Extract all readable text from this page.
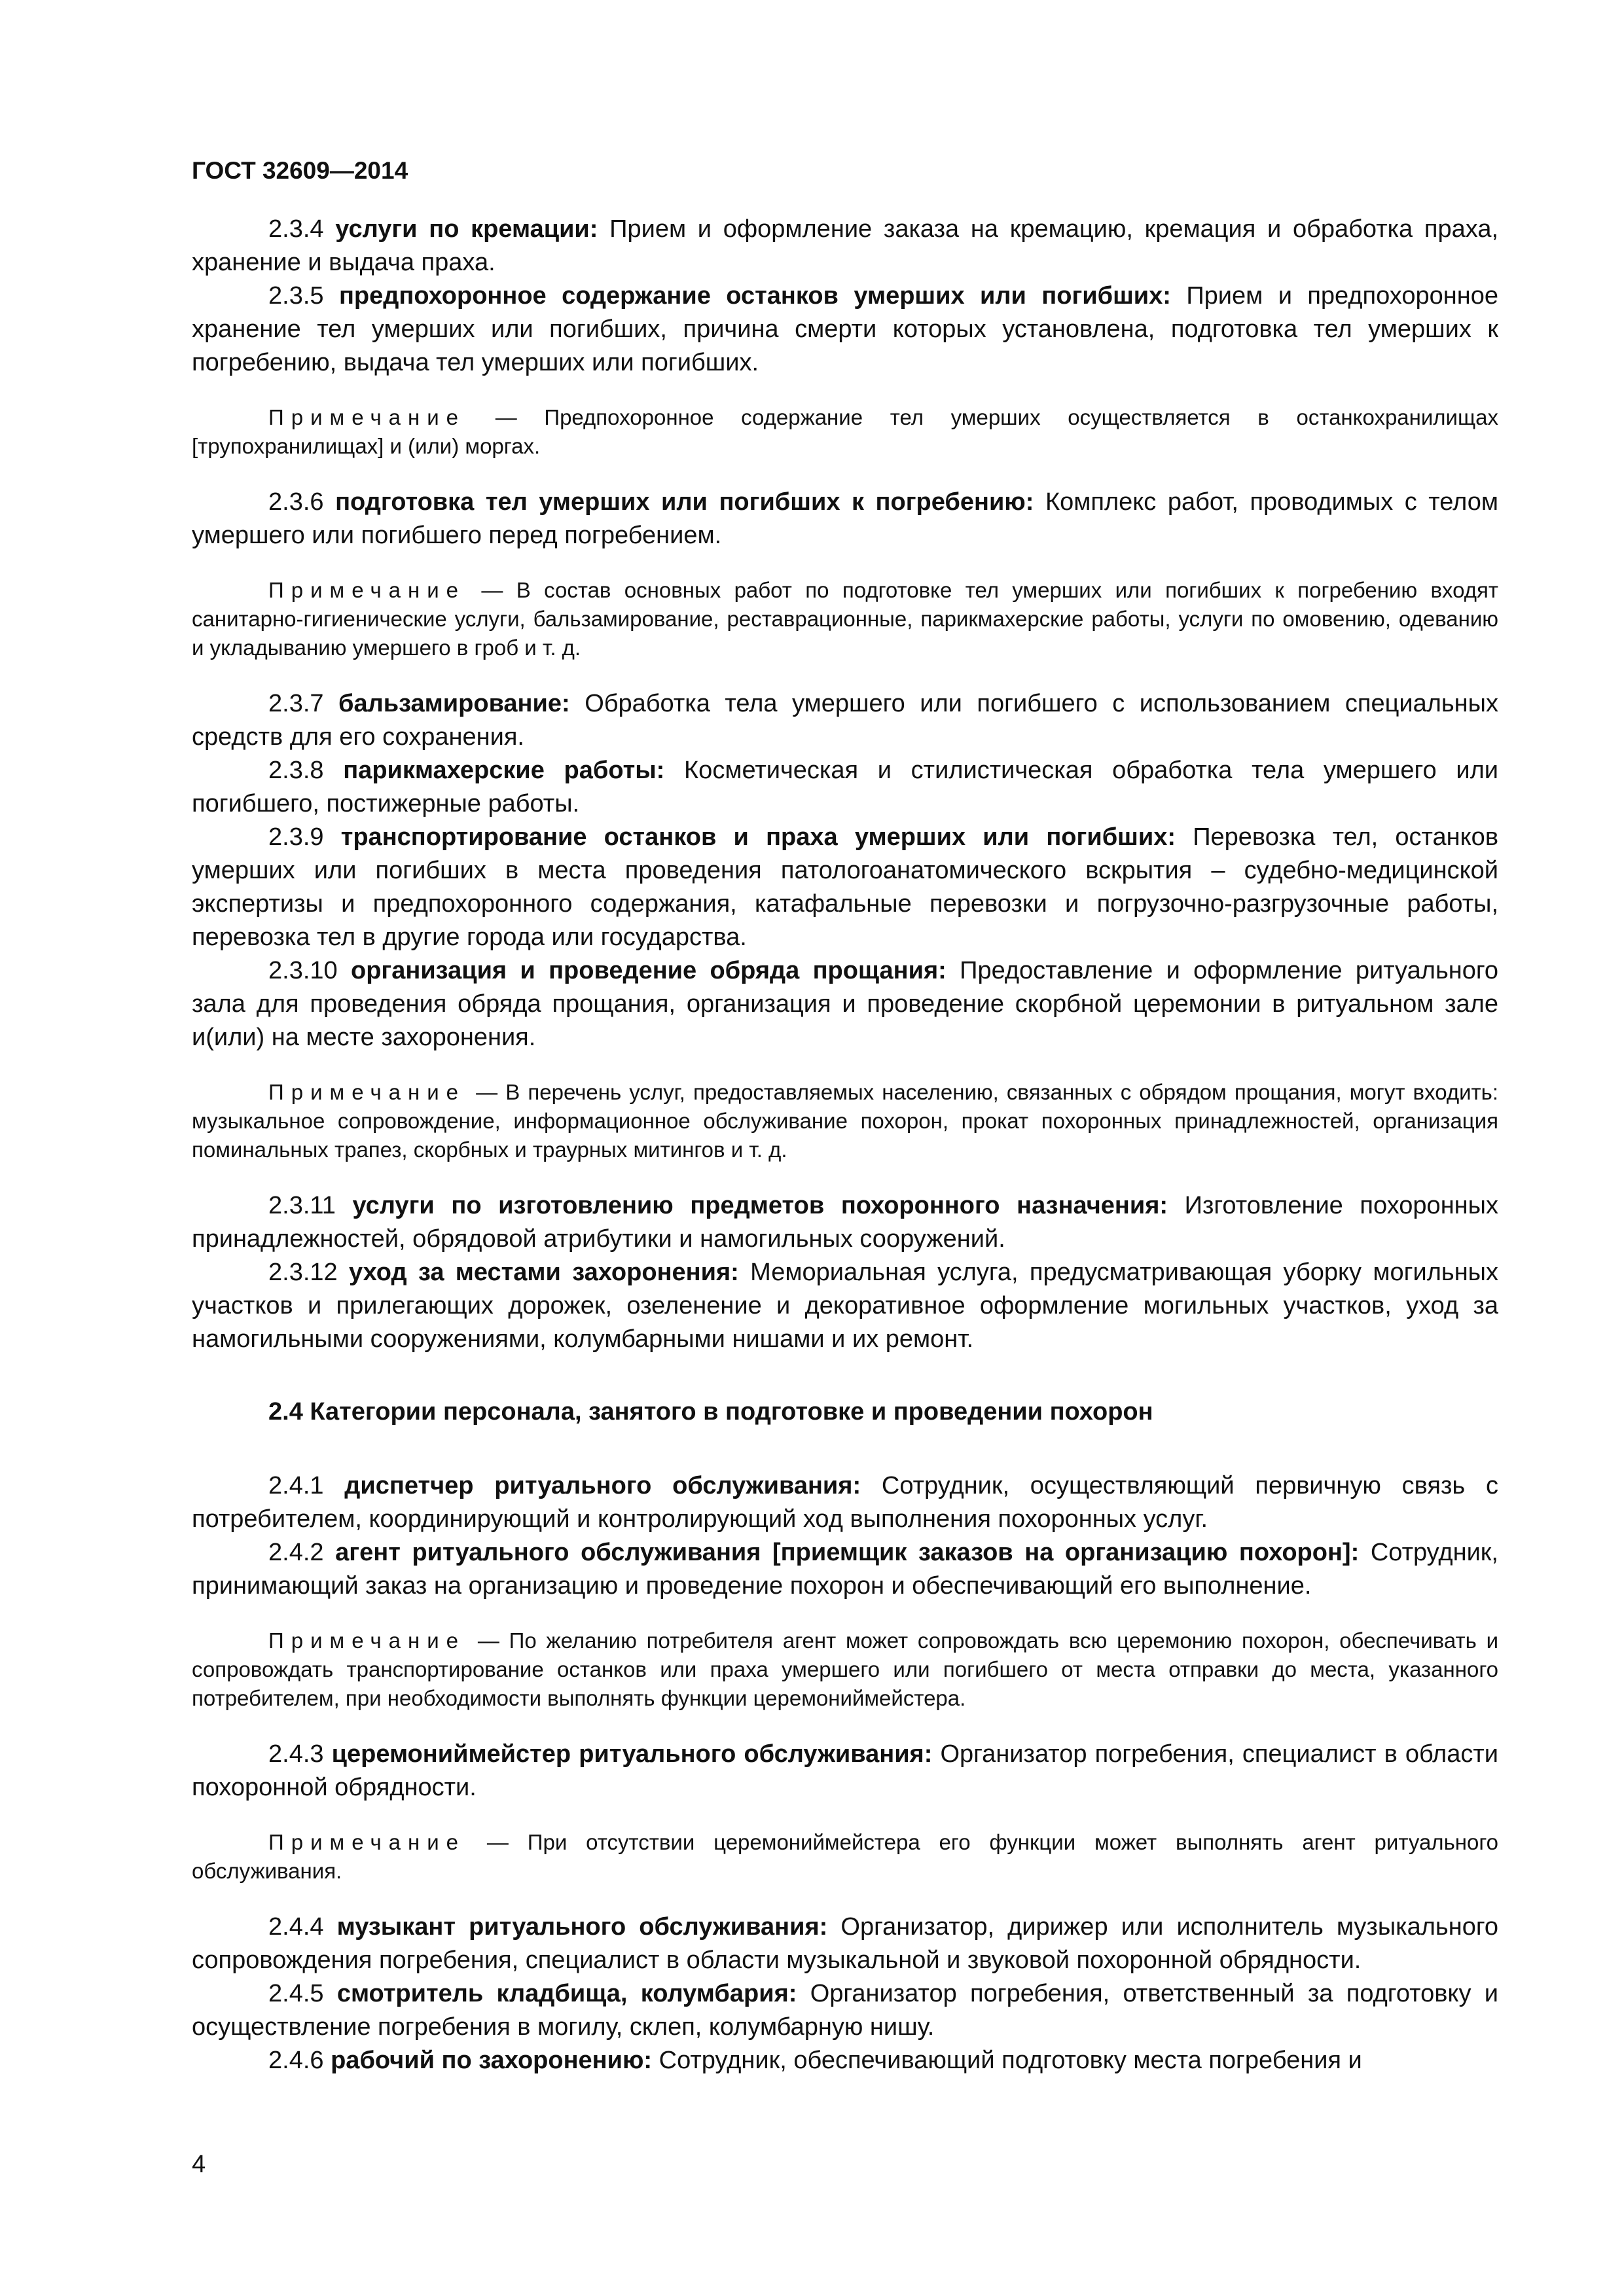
ГОСТ 32609—2014
2.3.4 услуги по кремации: Прием и оформление заказа на кремацию, кремация и обработка праха, хранение и выдача праха.
2.3.5 предпохоронное содержание останков умерших или погибших: Прием и предпохоронное хранение тел умерших или погибших, причина смерти которых установлена, подготовка тел умерших к погребению, выдача тел умерших или погибших.
Примечание — Предпохоронное содержание тел умерших осуществляется в останкохранилищах [трупохранилищах] и (или) моргах.
2.3.6 подготовка тел умерших или погибших к погребению: Комплекс работ, проводимых с телом умершего или погибшего перед погребением.
Примечание — В состав основных работ по подготовке тел умерших или погибших к погребению входят санитарно-гигиенические услуги, бальзамирование, реставрационные, парикмахерские работы, услуги по омовению, одеванию и укладыванию умершего в гроб и т. д.
2.3.7 бальзамирование: Обработка тела умершего или погибшего с использованием специальных средств для его сохранения.
2.3.8 парикмахерские работы: Косметическая и стилистическая обработка тела умершего или погибшего, постижерные работы.
2.3.9 транспортирование останков и праха умерших или погибших: Перевозка тел, останков умерших или погибших в места проведения патологоанатомического вскрытия – судебно-медицинской экспертизы и предпохоронного содержания, катафальные перевозки и погрузочно-разгрузочные работы, перевозка тел в другие города или государства.
2.3.10 организация и проведение обряда прощания: Предоставление и оформление ритуального зала для проведения обряда прощания, организация и проведение скорбной церемонии в ритуальном зале и(или) на месте захоронения.
Примечание — В перечень услуг, предоставляемых населению, связанных с обрядом прощания, могут входить: музыкальное сопровождение, информационное обслуживание похорон, прокат похоронных принадлежностей, организация поминальных трапез, скорбных и траурных митингов и т. д.
2.3.11 услуги по изготовлению предметов похоронного назначения: Изготовление похоронных принадлежностей, обрядовой атрибутики и намогильных сооружений.
2.3.12 уход за местами захоронения: Мемориальная услуга, предусматривающая уборку могильных участков и прилегающих дорожек, озеленение и декоративное оформление могильных участков, уход за намогильными сооружениями, колумбарными нишами и их ремонт.
2.4 Категории персонала, занятого в подготовке и проведении похорон
2.4.1 диспетчер ритуального обслуживания: Сотрудник, осуществляющий первичную связь с потребителем, координирующий и контролирующий ход выполнения похоронных услуг.
2.4.2 агент ритуального обслуживания [приемщик заказов на организацию похорон]: Сотрудник, принимающий заказ на организацию и проведение похорон и обеспечивающий его выполнение.
Примечание — По желанию потребителя агент может сопровождать всю церемонию похорон, обеспечивать и сопровождать транспортирование останков или праха умершего или погибшего от места отправки до места, указанного потребителем, при необходимости выполнять функции церемониймейстера.
2.4.3 церемониймейстер ритуального обслуживания: Организатор погребения, специалист в области похоронной обрядности.
Примечание — При отсутствии церемониймейстера его функции может выполнять агент ритуального обслуживания.
2.4.4 музыкант ритуального обслуживания: Организатор, дирижер или исполнитель музыкального сопровождения погребения, специалист в области музыкальной и звуковой похоронной обрядности.
2.4.5 смотритель кладбища, колумбария: Организатор погребения, ответственный за подготовку и осуществление погребения в могилу, склеп, колумбарную нишу.
2.4.6 рабочий по захоронению: Сотрудник, обеспечивающий подготовку места погребения и
4
